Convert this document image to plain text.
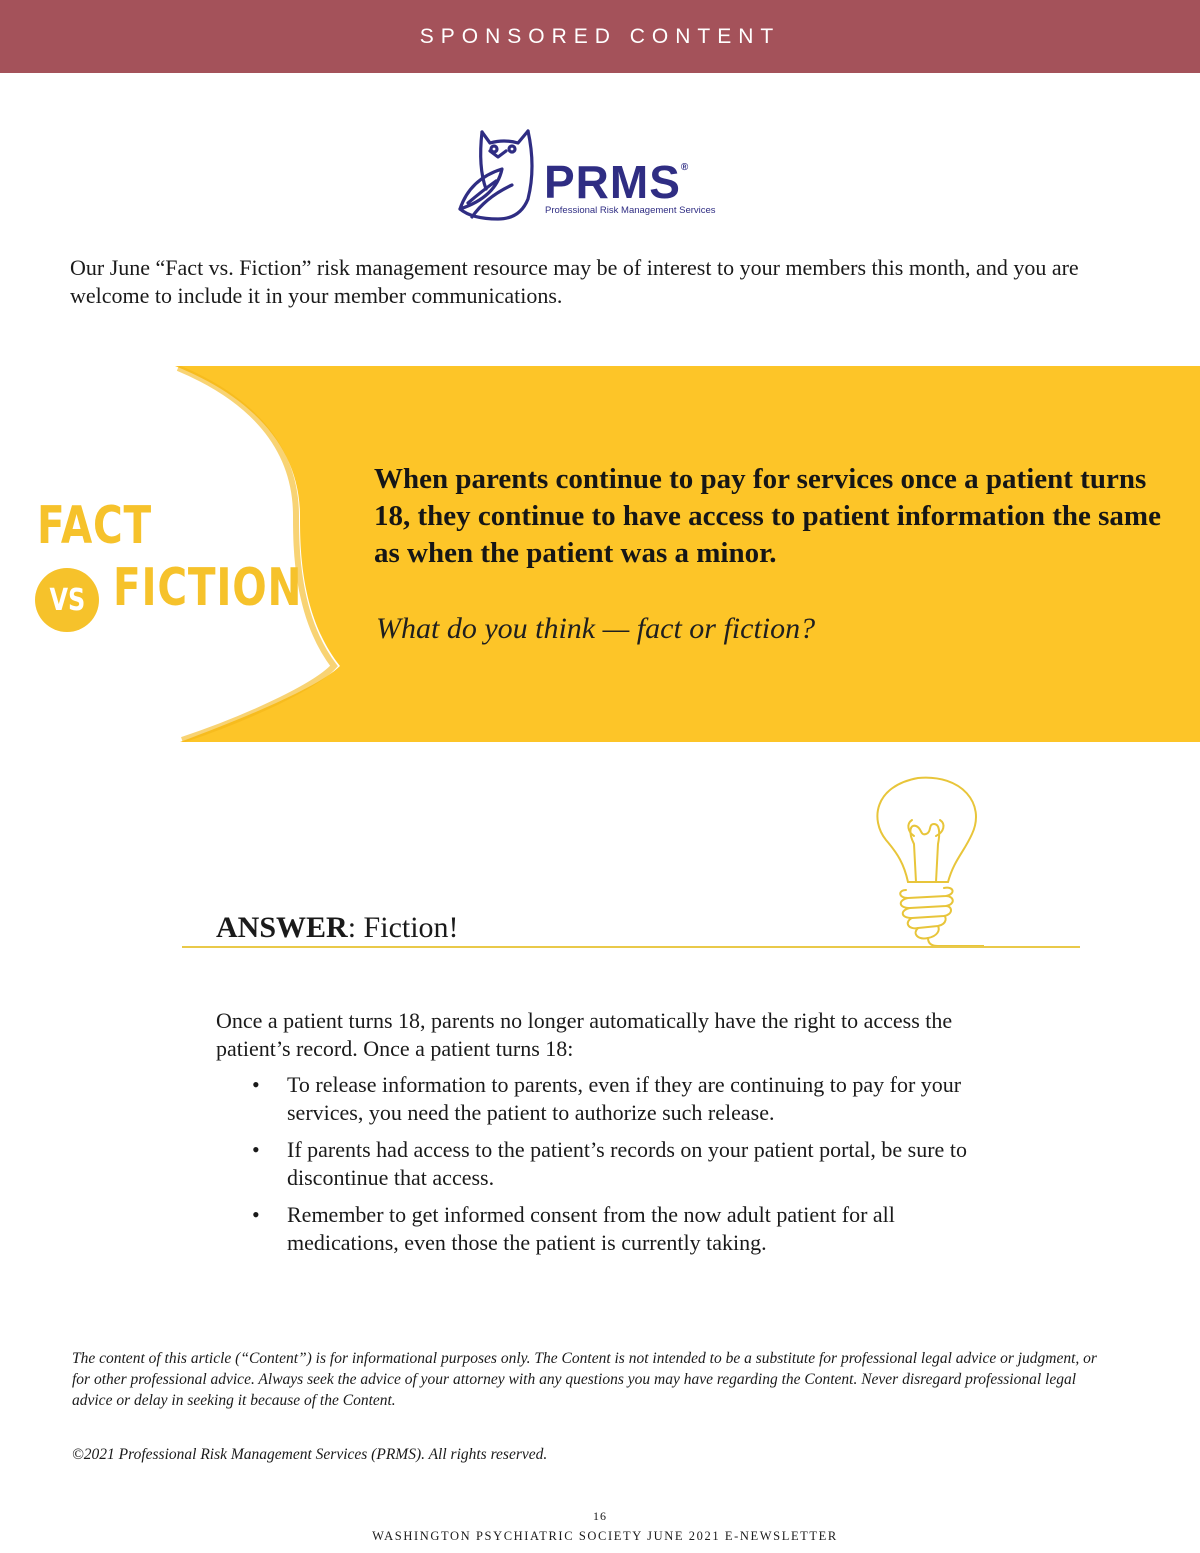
SPONSORED CONTENT
PRMS®
Professional Risk Management Services

Our June “Fact vs. Fiction” risk management resource may be of interest to your members this month, and you are welcome to include it in your member communications.

FACT
VS FICTION

When parents continue to pay for services once a patient turns 18, they continue to have access to patient information the same as when the patient was a minor.

What do you think — fact or fiction?

ANSWER: Fiction!

Once a patient turns 18, parents no longer automatically have the right to access the patient’s record. Once a patient turns 18:

• To release information to parents, even if they are continuing to pay for your services, you need the patient to authorize such release.
• If parents had access to the patient’s records on your patient portal, be sure to discontinue that access.
• Remember to get informed consent from the now adult patient for all medications, even those the patient is currently taking.

The content of this article (“Content”) is for informational purposes only. The Content is not intended to be a substitute for professional legal advice or judgment, or for other professional advice. Always seek the advice of your attorney with any questions you may have regarding the Content. Never disregard professional legal advice or delay in seeking it because of the Content.

©2021 Professional Risk Management Services (PRMS). All rights reserved.

16
WASHINGTON PSYCHIATRIC SOCIETY JUNE 2021 E-NEWSLETTER
